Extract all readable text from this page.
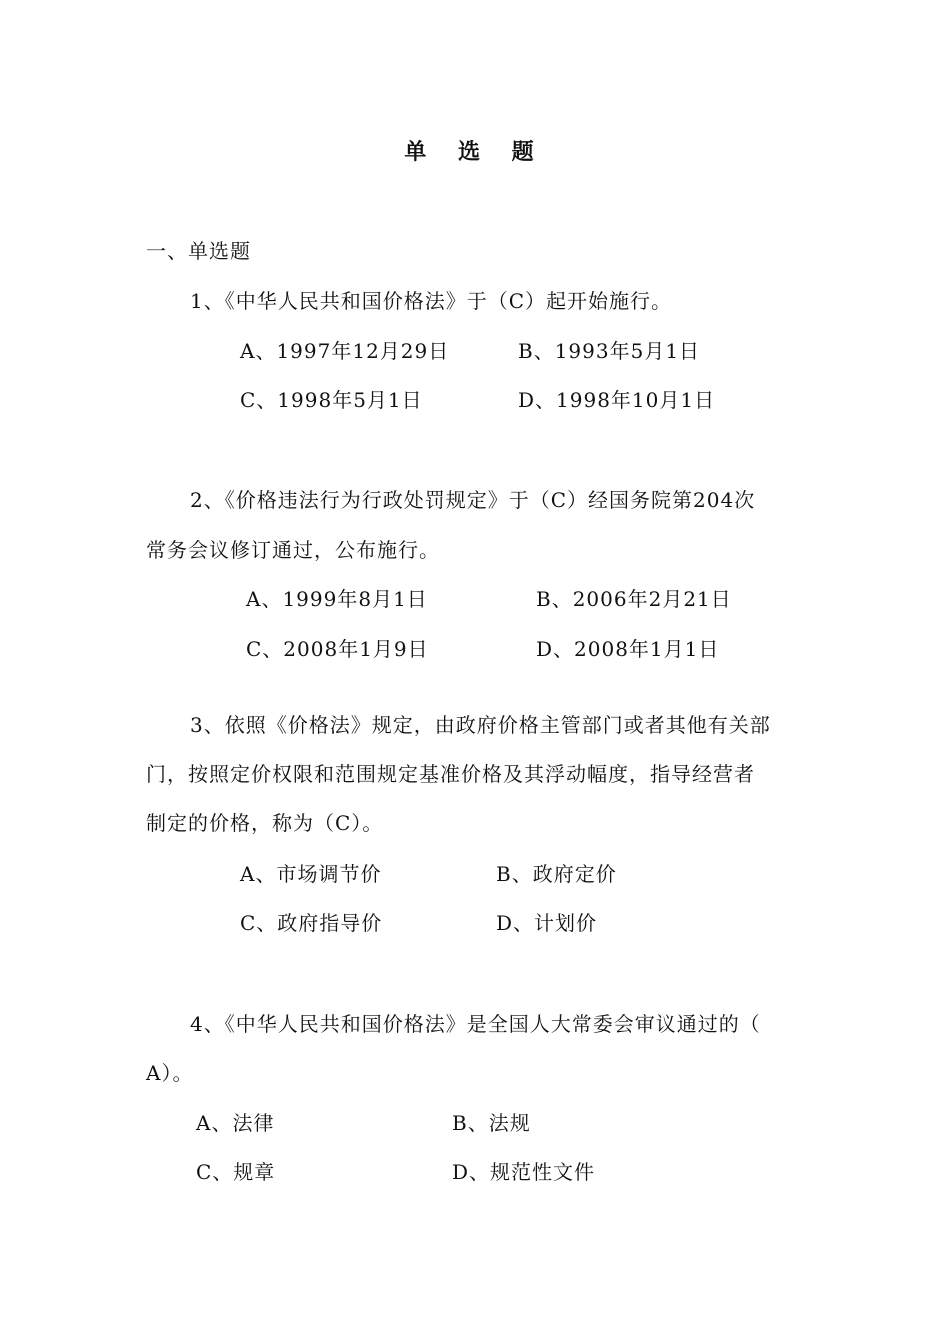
单 选 题
一、单选题
1、《中华人民共和国价格法》于（C）起开始施行。
A、1997年12月29日	B、1993年5月1日
C、1998年5月1日	D、1998年10月1日
2、《价格违法行为行政处罚规定》于（C）经国务院第204次
常务会议修订通过，公布施行。
A、1999年8月1日	B、2006年2月21日
C、2008年1月9日	D、2008年1月1日
3、依照《价格法》规定，由政府价格主管部门或者其他有关部
门，按照定价权限和范围规定基准价格及其浮动幅度，指导经营者
制定的价格，称为（C）。
A、市场调节价	B、政府定价
C、政府指导价	D、计划价
4、《中华人民共和国价格法》是全国人大常委会审议通过的（
A）。
A、法律	B、法规
C、规章	D、规范性文件
